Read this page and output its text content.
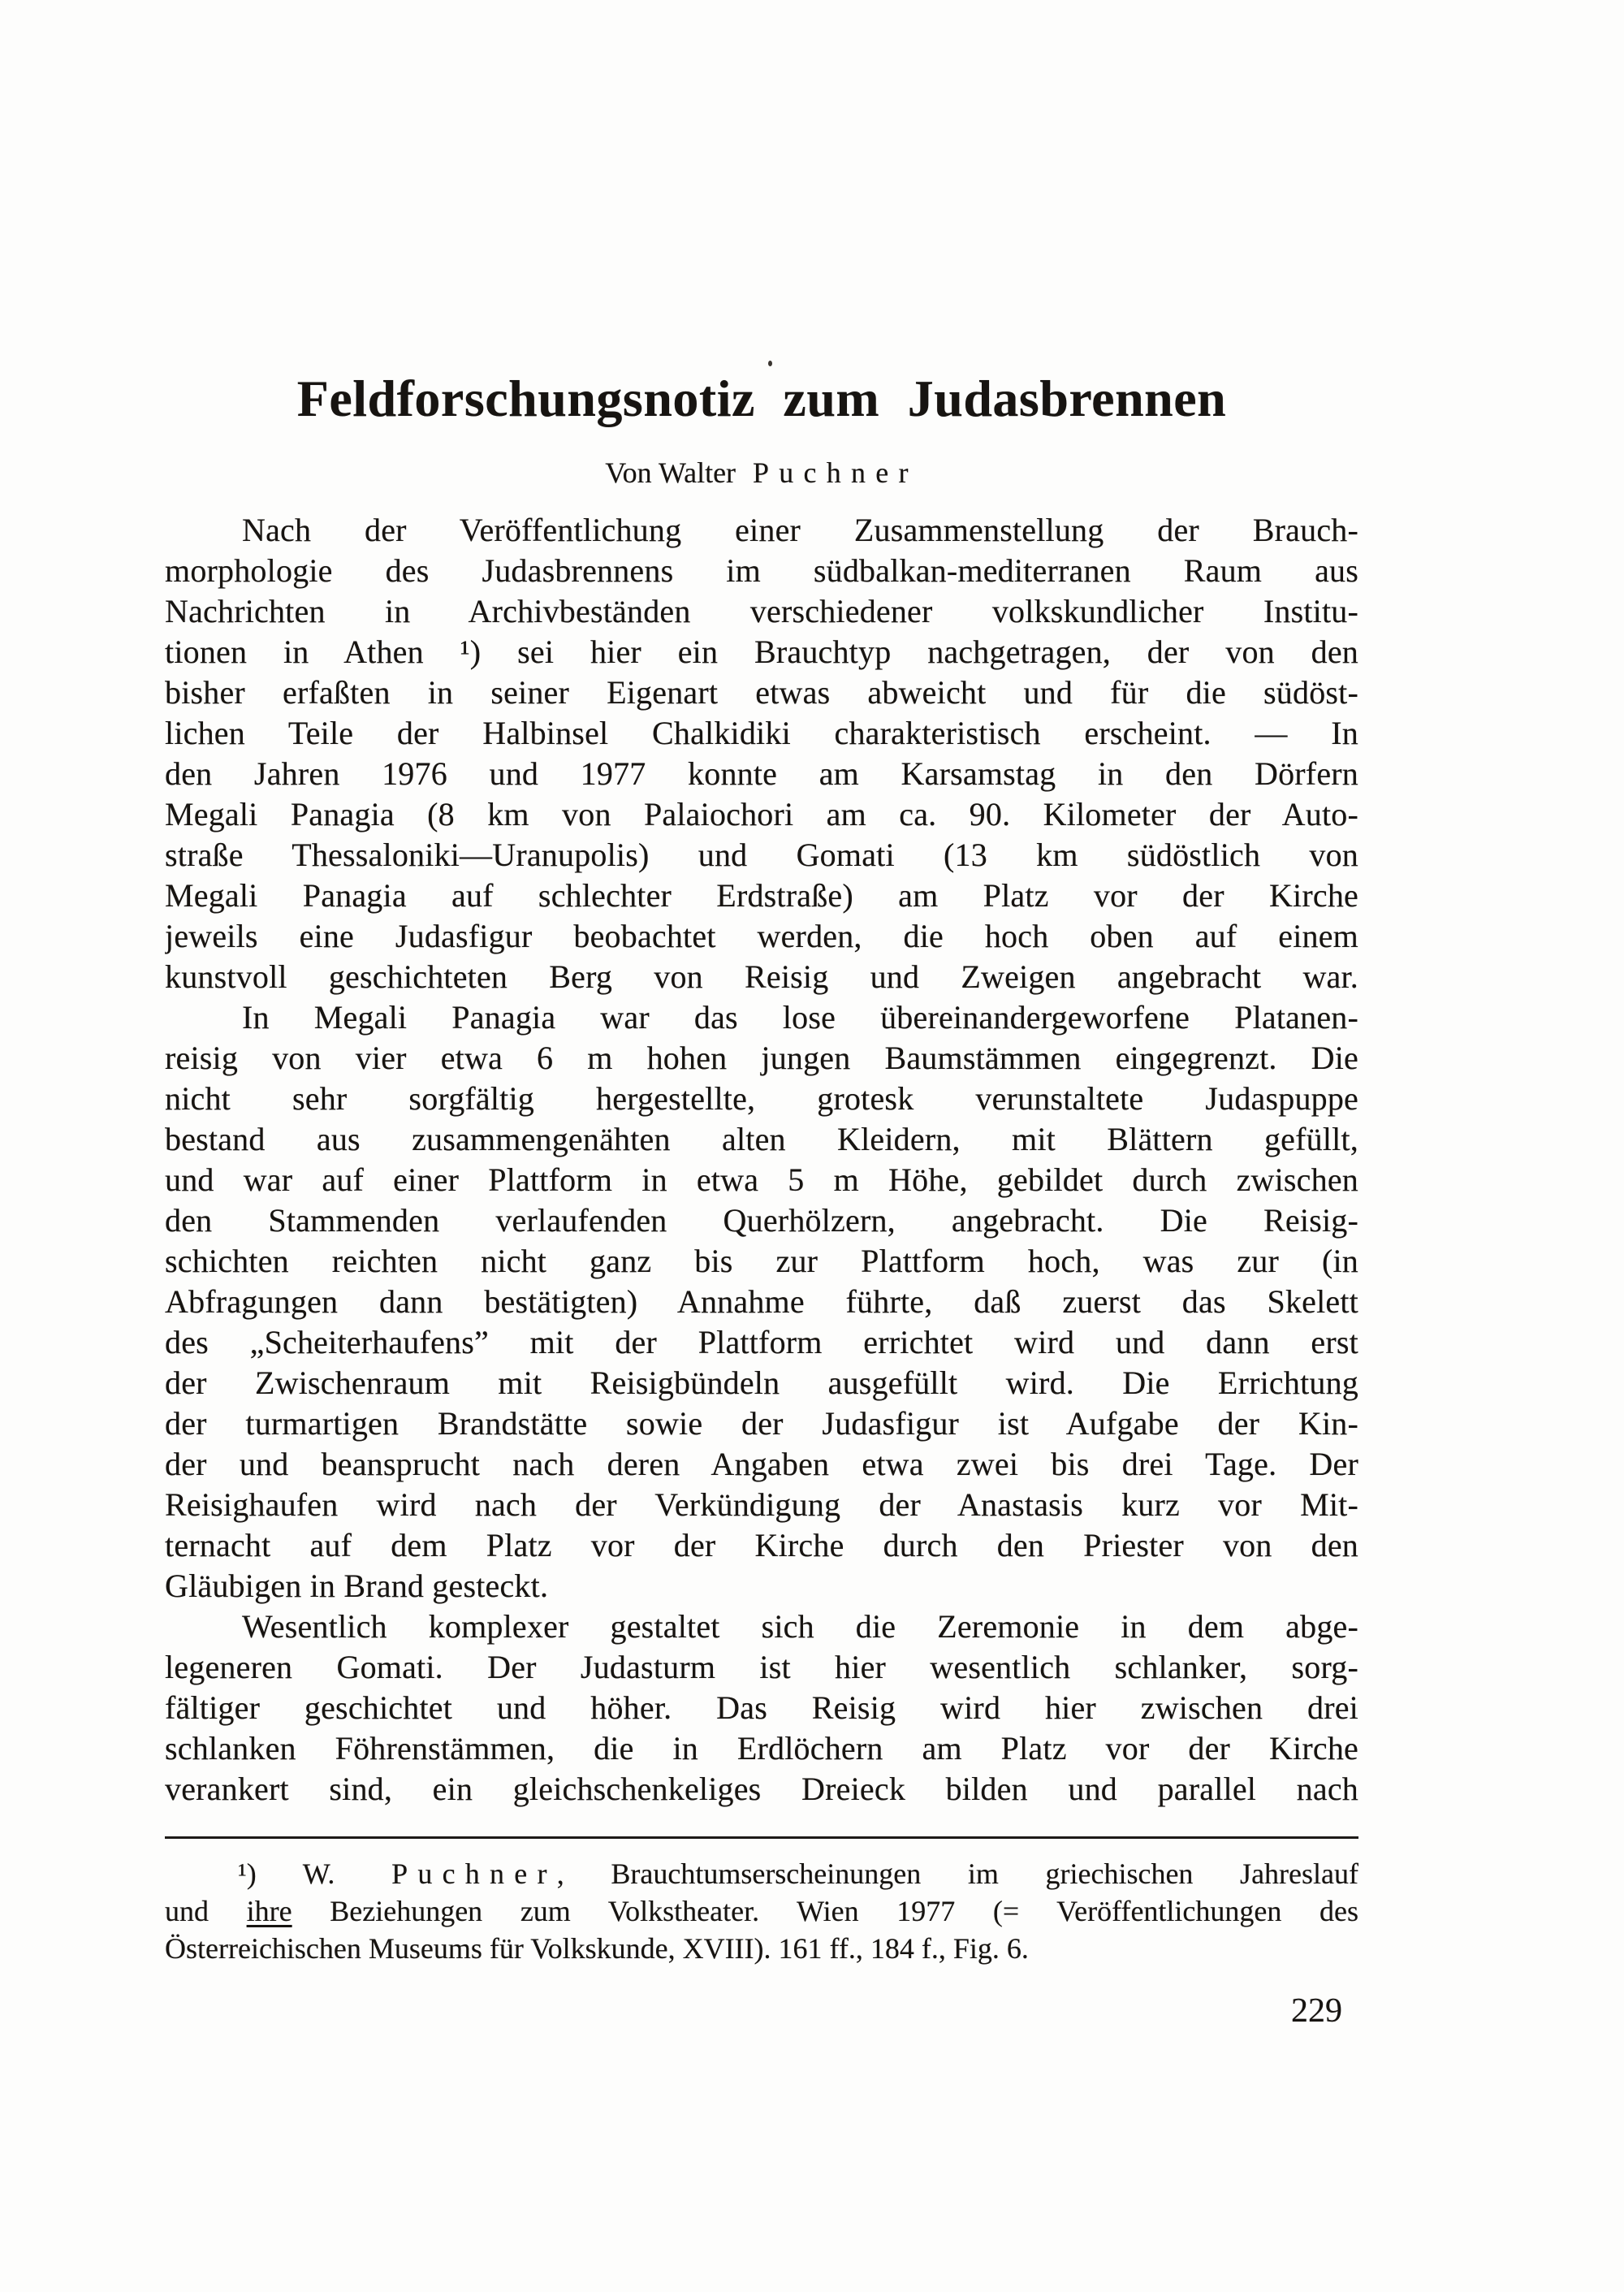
Feldforschungsnotiz zum Judasbrennen
Von Walter Puchner
Nach der Veröffentlichung einer Zusammenstellung der Brauch-
morphologie des Judasbrennens im südbalkan-mediterranen Raum aus
Nachrichten in Archivbeständen verschiedener volkskundlicher Institu-
tionen in Athen ¹) sei hier ein Brauchtyp nachgetragen, der von den
bisher erfaßten in seiner Eigenart etwas abweicht und für die südöst-
lichen Teile der Halbinsel Chalkidiki charakteristisch erscheint. — In
den Jahren 1976 und 1977 konnte am Karsamstag in den Dörfern
Megali Panagia (8 km von Palaiochori am ca. 90. Kilometer der Auto-
straße Thessaloniki—Uranupolis) und Gomati (13 km südöstlich von
Megali Panagia auf schlechter Erdstraße) am Platz vor der Kirche
jeweils eine Judasfigur beobachtet werden, die hoch oben auf einem
kunstvoll geschichteten Berg von Reisig und Zweigen angebracht war.
In Megali Panagia war das lose übereinandergeworfene Platanen-
reisig von vier etwa 6 m hohen jungen Baumstämmen eingegrenzt. Die
nicht sehr sorgfältig hergestellte, grotesk verunstaltete Judaspuppe
bestand aus zusammengenähten alten Kleidern, mit Blättern gefüllt,
und war auf einer Plattform in etwa 5 m Höhe, gebildet durch zwischen
den Stammenden verlaufenden Querhölzern, angebracht. Die Reisig-
schichten reichten nicht ganz bis zur Plattform hoch, was zur (in
Abfragungen dann bestätigten) Annahme führte, daß zuerst das Skelett
des „Scheiterhaufens” mit der Plattform errichtet wird und dann erst
der Zwischenraum mit Reisigbündeln ausgefüllt wird. Die Errichtung
der turmartigen Brandstätte sowie der Judasfigur ist Aufgabe der Kin-
der und beansprucht nach deren Angaben etwa zwei bis drei Tage. Der
Reisighaufen wird nach der Verkündigung der Anastasis kurz vor Mit-
ternacht auf dem Platz vor der Kirche durch den Priester von den
Gläubigen in Brand gesteckt.
Wesentlich komplexer gestaltet sich die Zeremonie in dem abge-
legeneren Gomati. Der Judasturm ist hier wesentlich schlanker, sorg-
fältiger geschichtet und höher. Das Reisig wird hier zwischen drei
schlanken Föhrenstämmen, die in Erdlöchern am Platz vor der Kirche
verankert sind, ein gleichschenkeliges Dreieck bilden und parallel nach
¹) W. Puchner, Brauchtumserscheinungen im griechischen Jahreslauf
und ihre Beziehungen zum Volkstheater. Wien 1977 (= Veröffentlichungen des
Österreichischen Museums für Volkskunde, XVIII). 161 ff., 184 f., Fig. 6.
229
